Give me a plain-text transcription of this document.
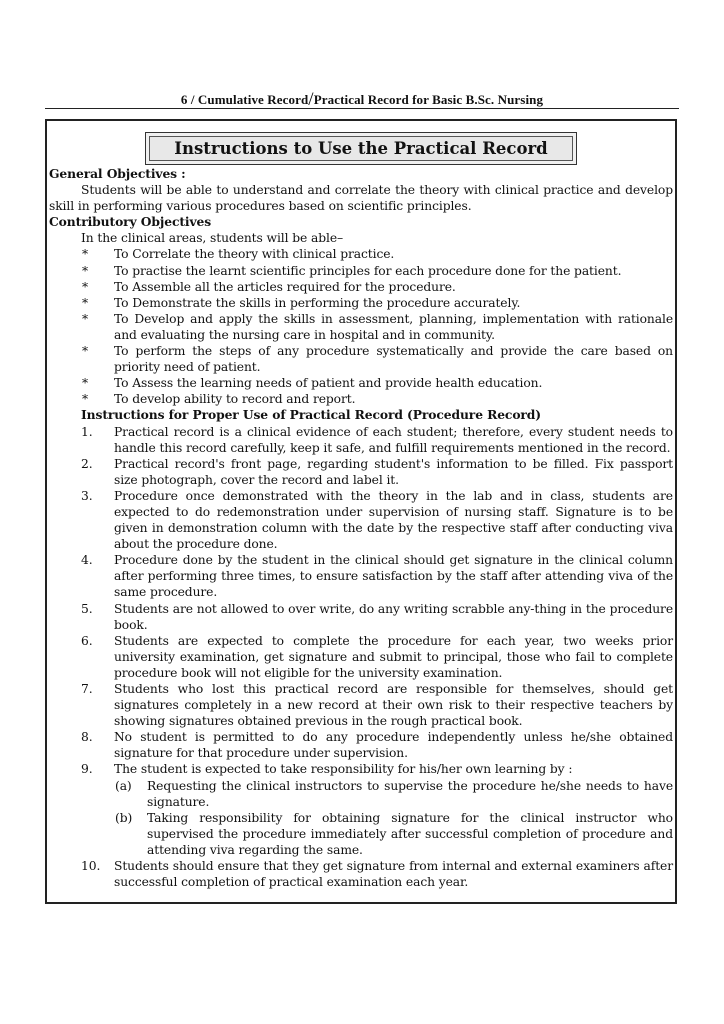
6 / Cumulative Record/Practical Record for Basic B.Sc. Nursing
Instructions to Use the Practical Record

General Objectives :

Students will be able to understand and correlate the theory with clinical practice and develop skill in performing various procedures based on scientific principles.

Contributory Objectives

In the clinical areas, students will be able–

* To Correlate the theory with clinical practice.
* To practise the learnt scientific principles for each procedure done for the patient.
* To Assemble all the articles required for the procedure.
* To Demonstrate the skills in performing the procedure accurately.
* To Develop and apply the skills in assessment, planning, implementation with rationale and evaluating the nursing care in hospital and in community.
* To perform the steps of any procedure systematically and provide the care based on priority need of patient.
* To Assess the learning needs of patient and provide health education.
* To develop ability to record and report.

Instructions for Proper Use of Practical Record (Procedure Record)

1. Practical record is a clinical evidence of each student; therefore, every student needs to handle this record carefully, keep it safe, and fulfill requirements mentioned in the record.
2. Practical record's front page, regarding student's information to be filled. Fix passport size photograph, cover the record and label it.
3. Procedure once demonstrated with the theory in the lab and in class, students are expected to do redemonstration under supervision of nursing staff. Signature is to be given in demonstration column with the date by the respective staff after conducting viva about the procedure done.
4. Procedure done by the student in the clinical should get signature in the clinical column after performing three times, to ensure satisfaction by the staff after attending viva of the same procedure.
5. Students are not allowed to over write, do any writing scrabble any-thing in the procedure book.
6. Students are expected to complete the procedure for each year, two weeks prior university examination, get signature and submit to principal, those who fail to complete procedure book will not eligible for the university examination.
7. Students who lost this practical record are responsible for themselves, should get signatures completely in a new record at their own risk to their respective teachers by showing signatures obtained previous in the rough practical book.
8. No student is permitted to do any procedure independently unless he/she obtained signature for that procedure under supervision.
9. The student is expected to take responsibility for his/her own learning by :
(a) Requesting the clinical instructors to supervise the procedure he/she needs to have signature.
(b) Taking responsibility for obtaining signature for the clinical instructor who supervised the procedure immediately after successful completion of procedure and attending viva regarding the same.
10. Students should ensure that they get signature from internal and external examiners after successful completion of practical examination each year.
